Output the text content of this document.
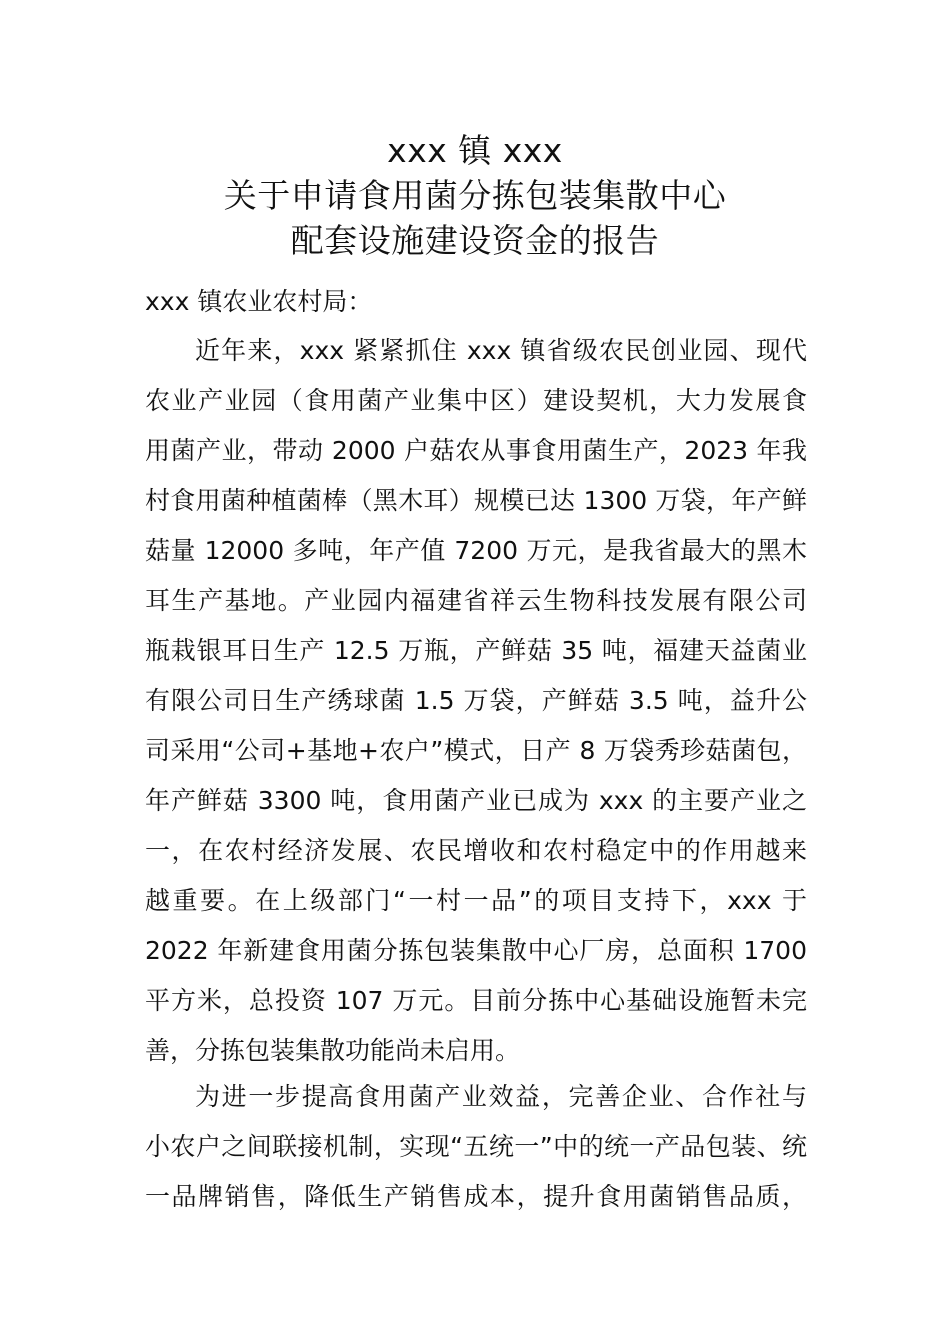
xxx 镇 xxx
关于申请食用菌分拣包装集散中心
配套设施建设资金的报告
xxx 镇农业农村局：
近年来，xxx 紧紧抓住 xxx 镇省级农民创业园、现代
农业产业园（食用菌产业集中区）建设契机，大力发展食
用菌产业，带动 2000 户菇农从事食用菌生产，2023 年我
村食用菌种植菌棒（黑木耳）规模已达 1300 万袋，年产鲜
菇量 12000 多吨，年产值 7200 万元，是我省最大的黑木
耳生产基地。产业园内福建省祥云生物科技发展有限公司
瓶栽银耳日生产 12.5 万瓶，产鲜菇 35 吨，福建天益菌业
有限公司日生产绣球菌 1.5 万袋，产鲜菇 3.5 吨，益升公
司采用“公司+基地+农户”模式，日产 8 万袋秀珍菇菌包，
年产鲜菇 3300 吨，食用菌产业已成为 xxx 的主要产业之
一，在农村经济发展、农民增收和农村稳定中的作用越来
越重要。在上级部门“一村一品”的项目支持下，xxx 于
2022 年新建食用菌分拣包装集散中心厂房，总面积 1700
平方米，总投资 107 万元。目前分拣中心基础设施暂未完
善，分拣包装集散功能尚未启用。
为进一步提高食用菌产业效益，完善企业、合作社与
小农户之间联接机制，实现“五统一”中的统一产品包装、统
一品牌销售，降低生产销售成本，提升食用菌销售品质，
